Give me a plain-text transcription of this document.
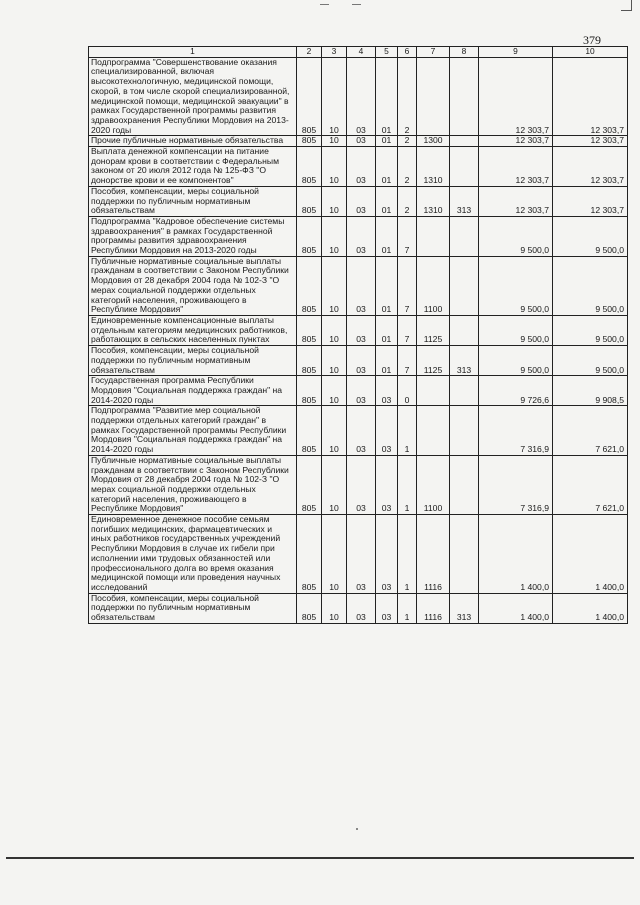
379
1	2	3	4	5	6	7	8	9	10
Подпрограмма "Совершенствование оказания специализированной, включая высокотехнологичную, медицинской помощи, скорой, в том числе скорой специализированной, медицинской помощи, медицинской эвакуации" в рамках Государственной программы развития здравоохранения Республики Мордовия на 2013-2020 годы	805	10	03	01	2			12 303,7	12 303,7
Прочие публичные нормативные обязательства	805	10	03	01	2	1300		12 303,7	12 303,7
Выплата денежной компенсации на питание донорам крови в соответствии с Федеральным законом от 20 июля 2012 года № 125-ФЗ "О донорстве крови и ее компонентов"	805	10	03	01	2	1310		12 303,7	12 303,7
Пособия, компенсации, меры социальной поддержки по публичным нормативным обязательствам	805	10	03	01	2	1310	313	12 303,7	12 303,7
Подпрограмма "Кадровое обеспечение системы здравоохранения" в рамках Государственной программы развития здравоохранения Республики Мордовия на 2013-2020 годы	805	10	03	01	7			9 500,0	9 500,0
Публичные нормативные социальные выплаты гражданам в соответствии с Законом Республики Мордовия от 28 декабря 2004 года № 102-З "О мерах социальной поддержки отдельных категорий населения, проживающего в Республике Мордовия"	805	10	03	01	7	1100		9 500,0	9 500,0
Единовременные компенсационные выплаты отдельным категориям медицинских работников, работающих в сельских населенных пунктах	805	10	03	01	7	1125		9 500,0	9 500,0
Пособия, компенсации, меры социальной поддержки по публичным нормативным обязательствам	805	10	03	01	7	1125	313	9 500,0	9 500,0
Государственная программа Республики Мордовия "Социальная поддержка граждан" на 2014-2020 годы	805	10	03	03	0			9 726,6	9 908,5
Подпрограмма "Развитие мер социальной поддержки отдельных категорий граждан" в рамках Государственной программы Республики Мордовия "Социальная поддержка граждан" на 2014-2020 годы	805	10	03	03	1			7 316,9	7 621,0
Публичные нормативные социальные выплаты гражданам в соответствии с Законом Республики Мордовия от 28 декабря 2004 года № 102-З "О мерах социальной поддержки отдельных категорий населения, проживающего в Республике Мордовия"	805	10	03	03	1	1100		7 316,9	7 621,0
Единовременное денежное пособие семьям погибших медицинских, фармацевтических и иных работников государственных учреждений Республики Мордовия в случае их гибели при исполнении ими трудовых обязанностей или профессионального долга во время оказания медицинской помощи или проведения научных исследований	805	10	03	03	1	1116		1 400,0	1 400,0
Пособия, компенсации, меры социальной поддержки по публичным нормативным обязательствам	805	10	03	03	1	1116	313	1 400,0	1 400,0
